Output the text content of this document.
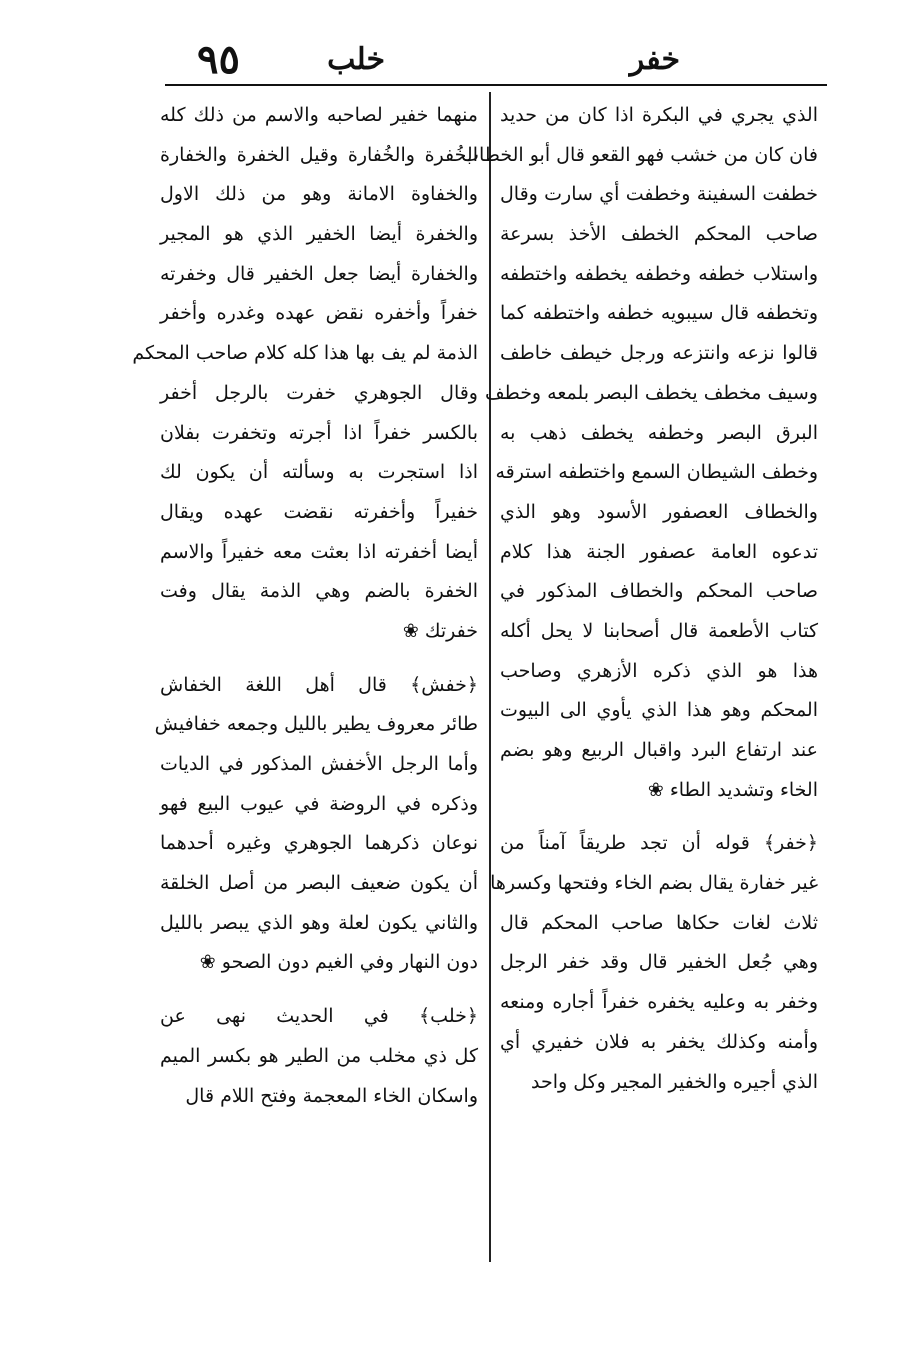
خفر
خلب
٩٥
الذي يجري في البكرة اذا كان من حديد
فان كان من خشب فهو القعو قال أبو الخطاب
خطفت السفينة وخطفت أي سارت وقال
صاحب المحكم الخطف الأخذ بسرعة
واستلاب خطفه وخطفه يخطفه واختطفه
وتخطفه قال سيبويه خطفه واختطفه كما
قالوا نزعه وانتزعه ورجل خيطف خاطف
وسيف مخطف يخطف البصر بلمعه وخطف
البرق البصر وخطفه يخطف ذهب به
وخطف الشيطان السمع واختطفه استرقه
والخطاف العصفور الأسود وهو الذي
تدعوه العامة عصفور الجنة هذا كلام
صاحب المحكم والخطاف المذكور في
كتاب الأطعمة قال أصحابنا لا يحل أكله
هذا هو الذي ذكره الأزهري وصاحب
المحكم وهو هذا الذي يأوي الى البيوت
عند ارتفاع البرد واقبال الربيع وهو بضم
الخاء وتشديد الطاء ❀
﴿خفر﴾ قوله أن تجد طريقاً آمناً من
غير خفارة يقال بضم الخاء وفتحها وكسرها
ثلاث لغات حكاها صاحب المحكم قال
وهي جُعل الخفير قال وقد خفر الرجل
وخفر به وعليه يخفره خفراً أجاره ومنعه
وأمنه وكذلك يخفر به فلان خفيري أي
الذي أجيره والخفير المجير وكل واحد
منهما خفير لصاحبه والاسم من ذلك كله
الخُفرة والخُفارة وقيل الخفرة والخفارة
والخفاوة الامانة وهو من ذلك الاول
والخفرة أيضا الخفير الذي هو المجير
والخفارة أيضا جعل الخفير قال وخفرته
خفراً وأخفره نقض عهده وغدره وأخفر
الذمة لم يف بها هذا كله كلام صاحب المحكم
وقال الجوهري خفرت بالرجل أخفر
بالكسر خفراً اذا أجرته وتخفرت بفلان
اذا استجرت به وسألته أن يكون لك
خفيراً وأخفرته نقضت عهده ويقال
أيضا أخفرته اذا بعثت معه خفيراً والاسم
الخفرة بالضم وهي الذمة يقال وفت
خفرتك ❀
﴿خفش﴾ قال أهل اللغة الخفاش
طائر معروف يطير بالليل وجمعه خفافيش
وأما الرجل الأخفش المذكور في الديات
وذكره في الروضة في عيوب البيع فهو
نوعان ذكرهما الجوهري وغيره أحدهما
أن يكون ضعيف البصر من أصل الخلقة
والثاني يكون لعلة وهو الذي يبصر بالليل
دون النهار وفي الغيم دون الصحو ❀
﴿خلب﴾ في الحديث نهى عن
كل ذي مخلب من الطير هو بكسر الميم
واسكان الخاء المعجمة وفتح اللام قال
